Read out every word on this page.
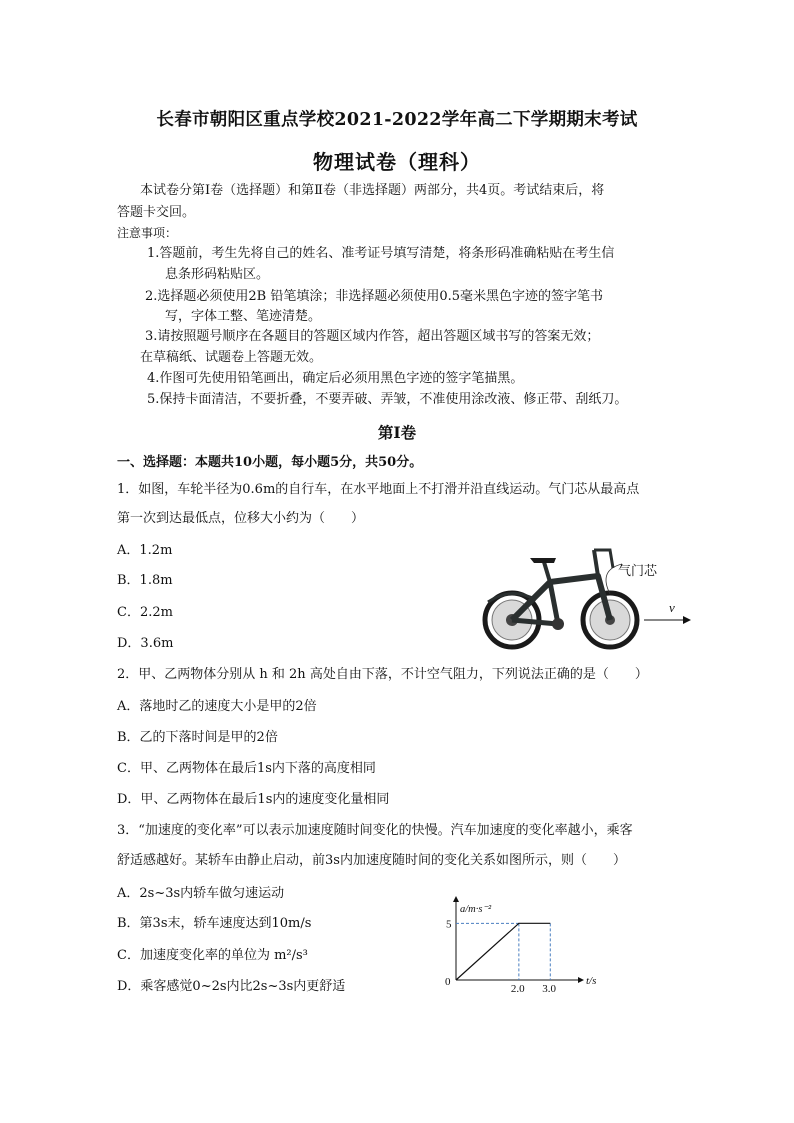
长春市朝阳区重点学校2021-2022学年高二下学期期末考试
物理试卷（理科）
本试卷分第Ⅰ卷（选择题）和第Ⅱ卷（非选择题）两部分，共4页。考试结束后，将
答题卡交回。
注意事项：
1.答题前，考生先将自己的姓名、准考证号填写清楚，将条形码准确粘贴在考生信
息条形码粘贴区。
2.选择题必须使用2B 铅笔填涂；非选择题必须使用0.5毫米黑色字迹的签字笔书
写，字体工整、笔迹清楚。
3.请按照题号顺序在各题目的答题区域内作答，超出答题区域书写的答案无效；
在草稿纸、试题卷上答题无效。
4.作图可先使用铅笔画出，确定后必须用黑色字迹的签字笔描黑。
5.保持卡面清洁，不要折叠，不要弄破、弄皱，不准使用涂改液、修正带、刮纸刀。
第Ⅰ卷
一、选择题：本题共10小题，每小题5分，共50分。
1．如图，车轮半径为0.6m的自行车，在水平地面上不打滑并沿直线运动。气门芯从最高点
第一次到达最低点，位移大小约为（　　）
A．1.2m
B．1.8m
C．2.2m
D．3.6m
气门芯
v
2．甲、乙两物体分别从 h 和 2h 高处自由下落，不计空气阻力，下列说法正确的是（　　）
A．落地时乙的速度大小是甲的2倍
B．乙的下落时间是甲的2倍
C．甲、乙两物体在最后1s内下落的高度相同
D．甲、乙两物体在最后1s内的速度变化量相同
3．“加速度的变化率”可以表示加速度随时间变化的快慢。汽车加速度的变化率越小，乘客
舒适感越好。某轿车由静止启动，前3s内加速度随时间的变化关系如图所示，则（　　）
A．2s~3s内轿车做匀速运动
B．第3s末，轿车速度达到10m/s
C．加速度变化率的单位为 m²/s³
D．乘客感觉0~2s内比2s~3s内更舒适	0
2.0 3.0
5
t/s
a/m·s⁻²
